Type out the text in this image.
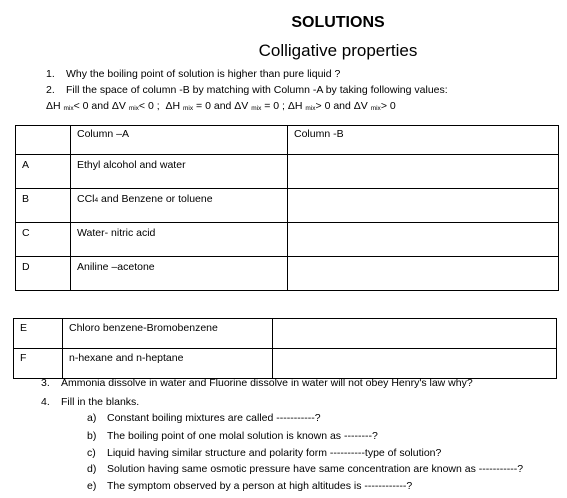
SOLUTIONS
Colligative properties
1. Why the boiling point of solution is higher than pure liquid ?
2. Fill the space of column -B by matching with Column -A by taking following values:
ΔH mix< 0 and ΔV mix< 0 ; ΔH mix = 0 and ΔV mix = 0 ; ΔH mix> 0 and ΔV mix> 0
	Column –A	Column -B
A	Ethyl alcohol and water	
B	CCl4 and Benzene or toluene	
C	Water- nitric acid	
D	Aniline –acetone	
E	Chloro benzene-Bromobenzene	
F	n-hexane and n-heptane	
3. Ammonia dissolve in water and Fluorine dissolve in water will not obey Henry's law why?
4. Fill in the blanks.
a) Constant boiling mixtures are called -----------?
b) The boiling point of one molal solution is known as --------?
c) Liquid having similar structure and polarity form ----------type of solution?
d) Solution having same osmotic pressure have same concentration are known as -----------?
e) The symptom observed by a person at high altitudes is ------------?
